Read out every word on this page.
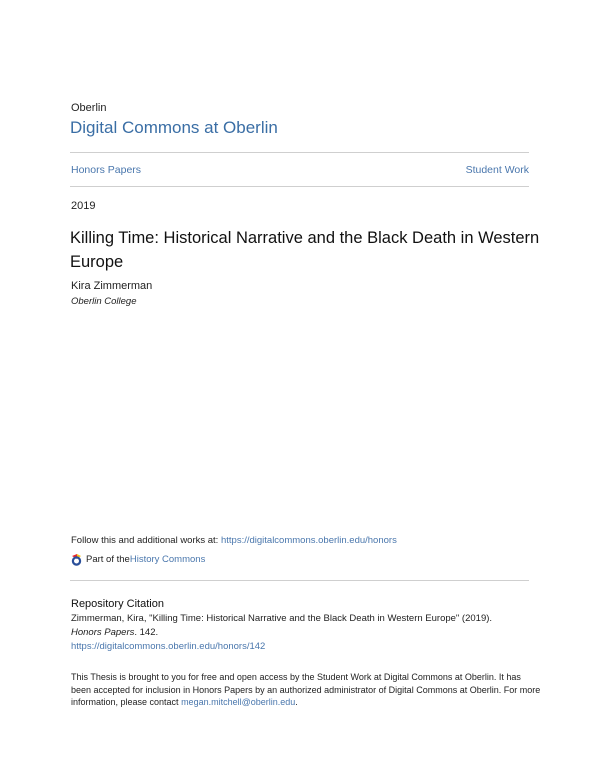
Oberlin
Digital Commons at Oberlin
Honors Papers	Student Work
2019
Killing Time: Historical Narrative and the Black Death in Western Europe
Kira Zimmerman
Oberlin College
Follow this and additional works at: https://digitalcommons.oberlin.edu/honors
Part of the History Commons
Repository Citation
Zimmerman, Kira, "Killing Time: Historical Narrative and the Black Death in Western Europe" (2019).
Honors Papers. 142.
https://digitalcommons.oberlin.edu/honors/142
This Thesis is brought to you for free and open access by the Student Work at Digital Commons at Oberlin. It has been accepted for inclusion in Honors Papers by an authorized administrator of Digital Commons at Oberlin. For more information, please contact megan.mitchell@oberlin.edu.
